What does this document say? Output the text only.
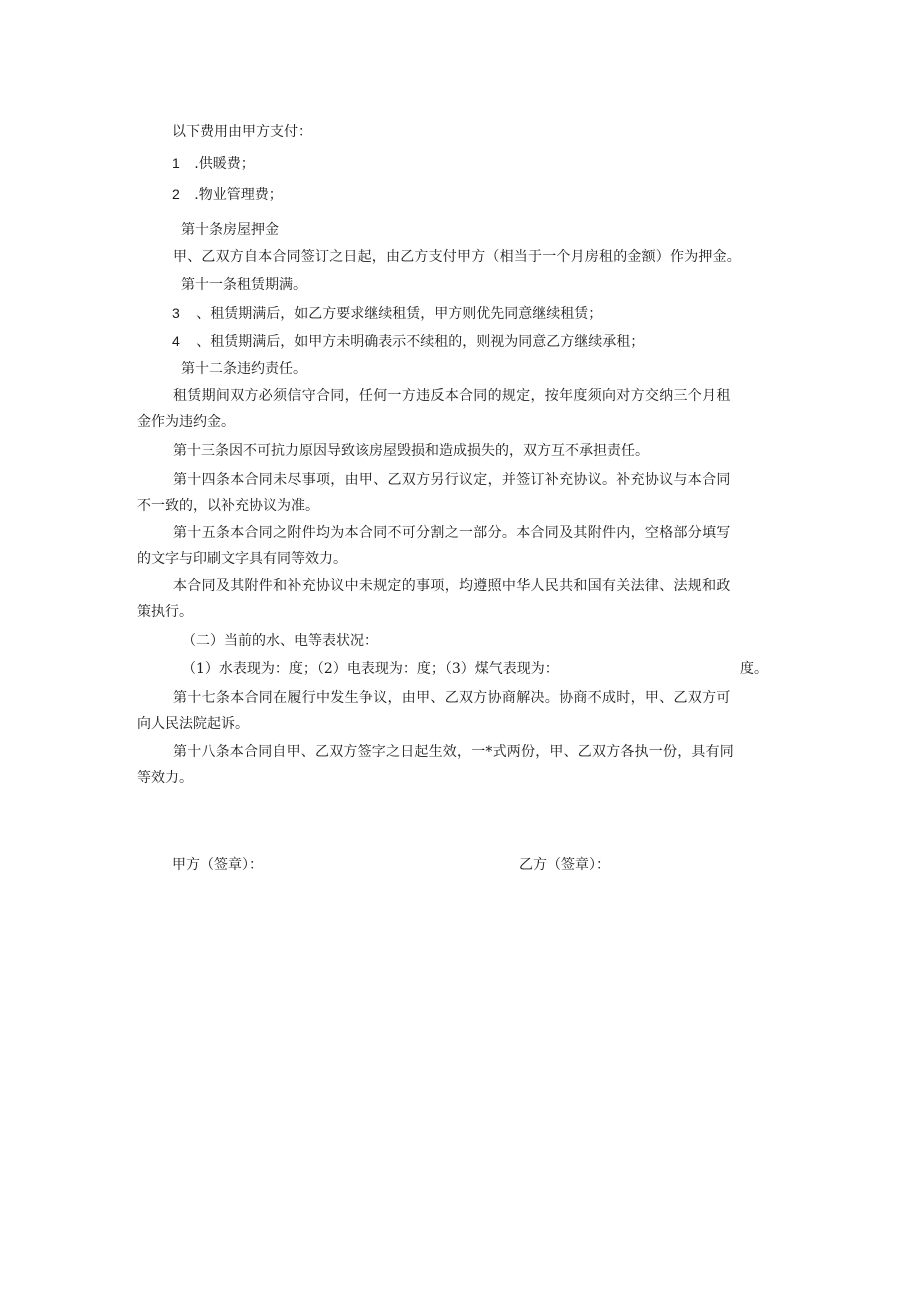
以下费用由甲方支付：
1 .供暖费；
2 .物业管理费；
第十条房屋押金
甲、乙双方自本合同签订之日起，由乙方支付甲方（相当于一个月房租的金额）作为押金。
第十一条租赁期满。
3 、租赁期满后，如乙方要求继续租赁，甲方则优先同意继续租赁；
4 、租赁期满后，如甲方未明确表示不续租的，则视为同意乙方继续承租；
第十二条违约责任。
租赁期间双方必须信守合同，任何一方违反本合同的规定，按年度须向对方交纳三个月租
金作为违约金。
第十三条因不可抗力原因导致该房屋毁损和造成损失的，双方互不承担责任。
第十四条本合同未尽事项，由甲、乙双方另行议定，并签订补充协议。补充协议与本合同
不一致的，以补充协议为准。
第十五条本合同之附件均为本合同不可分割之一部分。本合同及其附件内，空格部分填写
的文字与印刷文字具有同等效力。
本合同及其附件和补充协议中未规定的事项，均遵照中华人民共和国有关法律、法规和政
策执行。
（二）当前的水、电等表状况：
（1）水表现为：度；（2）电表现为：度；（3）煤气表现为：	度。
第十七条本合同在履行中发生争议，由甲、乙双方协商解决。协商不成时，甲、乙双方可
向人民法院起诉。
第十八条本合同自甲、乙双方签字之日起生效，一*式两份，甲、乙双方各执一份，具有同
等效力。
甲方（签章）：	乙方（签章）：
